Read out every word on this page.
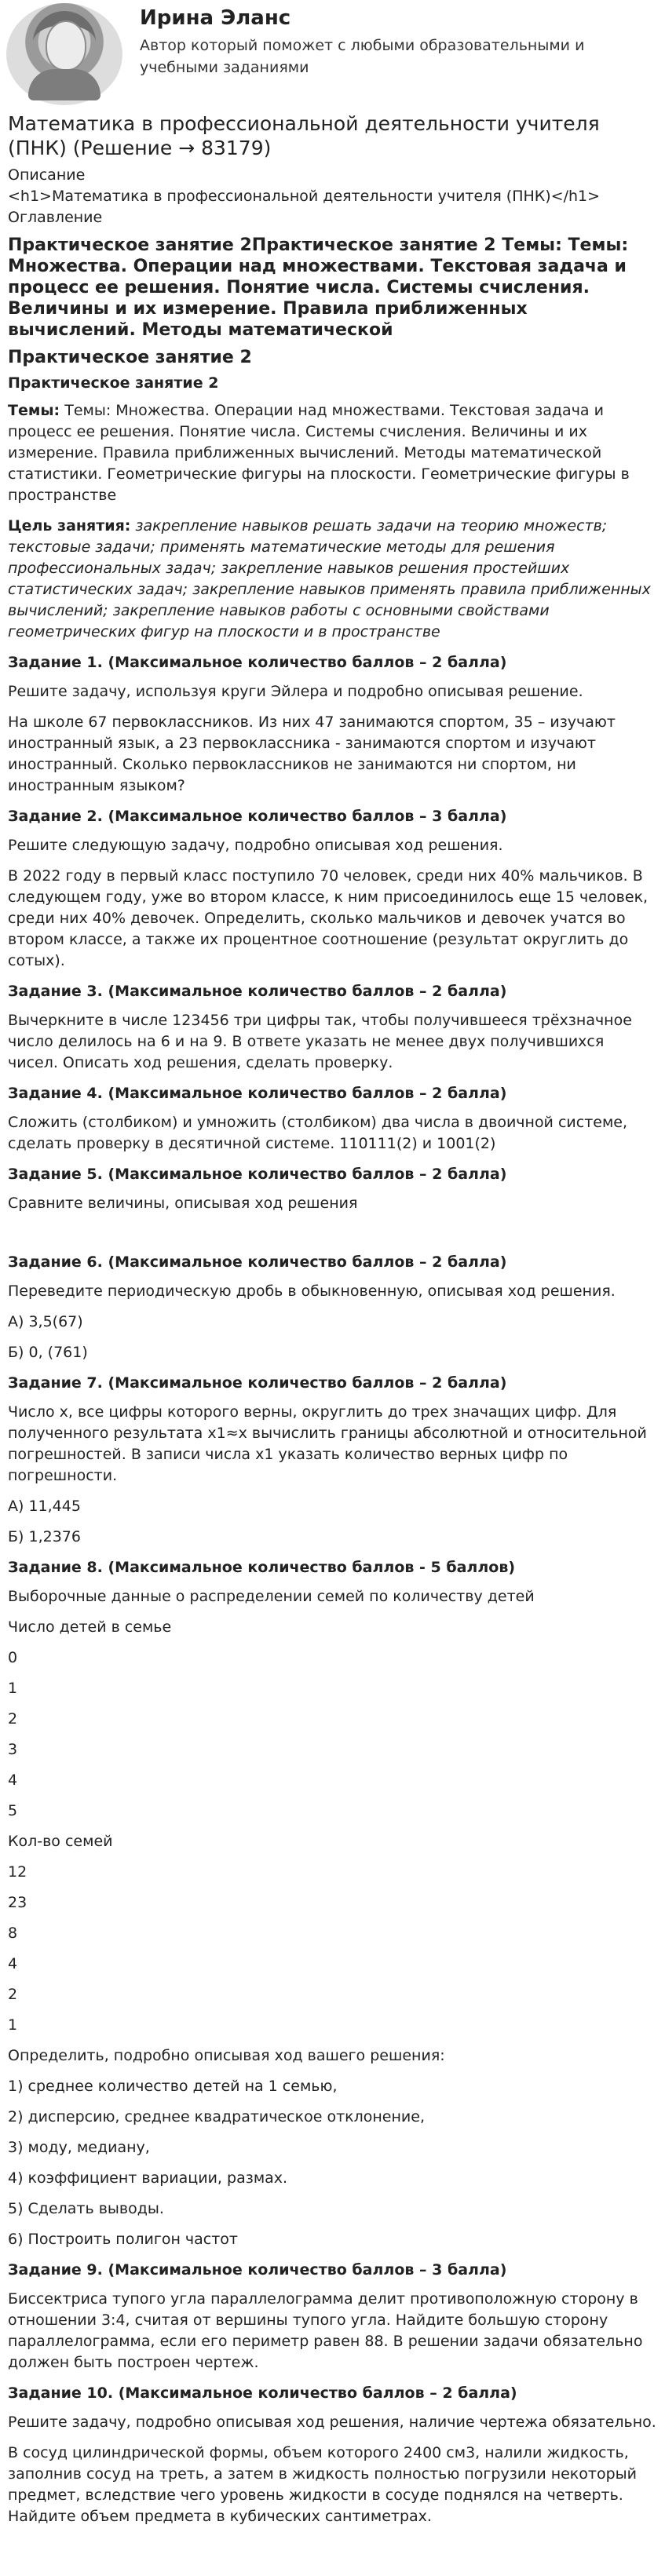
Ирина Эланс
Автор который поможет с любыми образовательными и учебными заданиями
Математика в профессиональной деятельности учителя (ПНК) (Решение → 83179)
Описание
<h1>Математика в профессиональной деятельности учителя (ПНК)</h1>
Оглавление
Практическое занятие 2Практическое занятие 2 Темы: Темы: Множества. Операции над множествами. Текстовая задача и процесс ее решения. Понятие числа. Системы счисления. Величины и их измерение. Правила приближенных вычислений. Методы математической
Практическое занятие 2
Практическое занятие 2

Темы: Темы: Множества. Операции над множествами. Текстовая задача и процесс ее решения. Понятие числа. Системы счисления. Величины и их измерение. Правила приближенных вычислений. Методы математической статистики. Геометрические фигуры на плоскости. Геометрические фигуры в пространстве

Цель занятия: закрепление навыков решать задачи на теорию множеств; текстовые задачи; применять математические методы для решения профессиональных задач; закрепление навыков решения простейших статистических задач; закрепление навыков применять правила приближенных вычислений; закрепление навыков работы с основными свойствами геометрических фигур на плоскости и в пространстве

Задание 1. (Максимальное количество баллов – 2 балла)

Решите задачу, используя круги Эйлера и подробно описывая решение.

На школе 67 первоклассников. Из них 47 занимаются спортом, 35 – изучают иностранный язык, а 23 первоклассника - занимаются спортом и изучают иностранный. Сколько первоклассников не занимаются ни спортом, ни иностранным языком?

Задание 2. (Максимальное количество баллов – 3 балла)

Решите следующую задачу, подробно описывая ход решения.

В 2022 году в первый класс поступило 70 человек, среди них 40% мальчиков. В следующем году, уже во втором классе, к ним присоединилось еще 15 человек, среди них 40% девочек. Определить, сколько мальчиков и девочек учатся во втором классе, а также их процентное соотношение (результат округлить до сотых).

Задание 3. (Максимальное количество баллов – 2 балла)

Вычеркните в числе 123456 три цифры так, чтобы получившееся трёхзначное число делилось на 6 и на 9. В ответе указать не менее двух получившихся чисел. Описать ход решения, сделать проверку.

Задание 4. (Максимальное количество баллов – 2 балла)

Сложить (столбиком) и умножить (столбиком) два числа в двоичной системе, сделать проверку в десятичной системе. 110111(2) и 1001(2)

Задание 5. (Максимальное количество баллов – 2 балла)

Сравните величины, описывая ход решения

Задание 6. (Максимальное количество баллов – 2 балла)

Переведите периодическую дробь в обыкновенную, описывая ход решения.

А) 3,5(67)

Б) 0, (761)

Задание 7. (Максимальное количество баллов – 2 балла)

Число x, все цифры которого верны, округлить до трех значащих цифр. Для полученного результата x1≈x вычислить границы абсолютной и относительной погрешностей. В записи числа x1 указать количество верных цифр по погрешности.

А) 11,445

Б) 1,2376

Задание 8. (Максимальное количество баллов - 5 баллов)

Выборочные данные о распределении семей по количеству детей

Число детей в семье

0

1

2

3

4

5

Кол-во семей

12

23

8

4

2

1

Определить, подробно описывая ход вашего решения:

1) среднее количество детей на 1 семью,
2) дисперсию, среднее квадратическое отклонение,
3) моду, медиану,
4) коэффициент вариации, размах.
5) Сделать выводы.
6) Построить полигон частот
Задание 9. (Максимальное количество баллов – 3 балла)

Биссектриса тупого угла параллелограмма делит противоположную сторону в отношении 3:4, считая от вершины тупого угла. Найдите большую сторону параллелограмма, если его периметр равен 88. В решении задачи обязательно должен быть построен чертеж.

Задание 10. (Максимальное количество баллов – 2 балла)

Решите задачу, подробно описывая ход решения, наличие чертежа обязательно.

В сосуд цилиндрической формы, объем которого 2400 см3, налили жидкость, заполнив сосуд на треть, а затем в жидкость полностью погрузили некоторый предмет, вследствие чего уровень жидкости в сосуде поднялся на четверть. Найдите объем предмета в кубических сантиметрах.
